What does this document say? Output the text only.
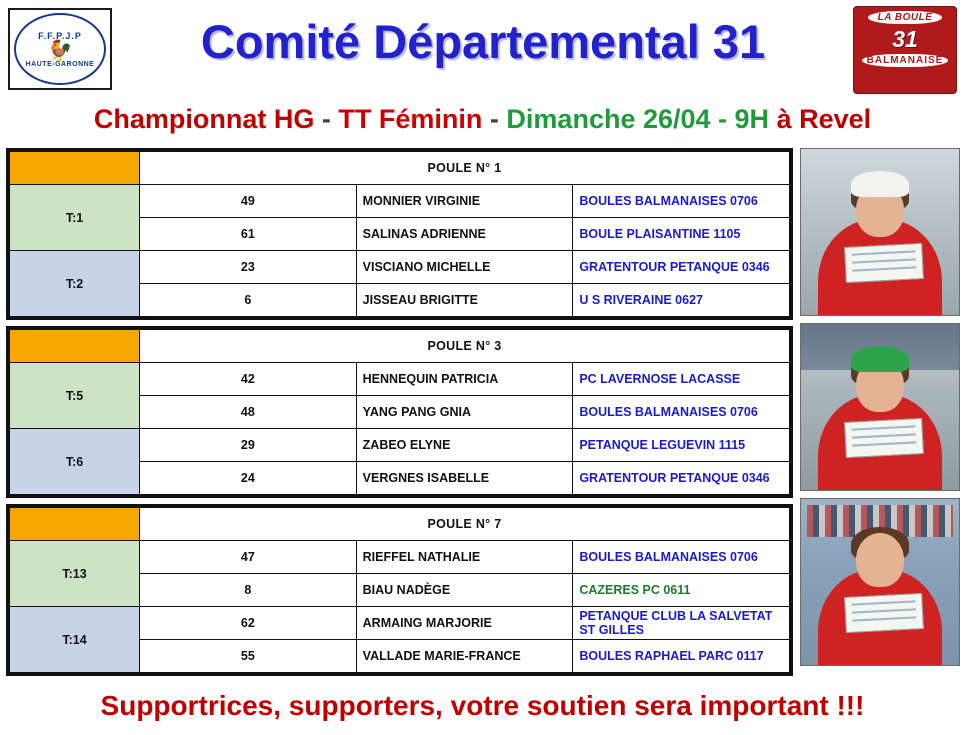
F.F.P.J.P
🐓
HAUTE-GARONNE	Comité Départemental 31	LA BOULE
31
BALMANAISE
Championnat HG - TT Féminin - Dimanche 26/04 - 9H à Revel
	POULE N° 1		
T:1	49	MONNIER VIRGINIE	BOULES BALMANAISES 0706
	61	SALINAS ADRIENNE	BOULE PLAISANTINE 1105
T:2	23	VISCIANO MICHELLE	GRATENTOUR PETANQUE 0346
	6	JISSEAU BRIGITTE	U S RIVERAINE 0627
	POULE N° 3		
T:5	42	HENNEQUIN PATRICIA	PC LAVERNOSE LACASSE
	48	YANG PANG GNIA	BOULES BALMANAISES 0706
T:6	29	ZABEO ELYNE	PETANQUE LEGUEVIN 1115
	24	VERGNES ISABELLE	GRATENTOUR PETANQUE 0346
	POULE N° 7		
T:13	47	RIEFFEL NATHALIE	BOULES BALMANAISES 0706
	8	BIAU NADÈGE	CAZERES PC 0611
T:14	62	ARMAING MARJORIE	PETANQUE CLUB LA SALVETAT ST GILLES
	55	VALLADE MARIE-FRANCE	BOULES RAPHAEL PARC 0117
Supportrices, supporters, votre soutien sera important !!!
